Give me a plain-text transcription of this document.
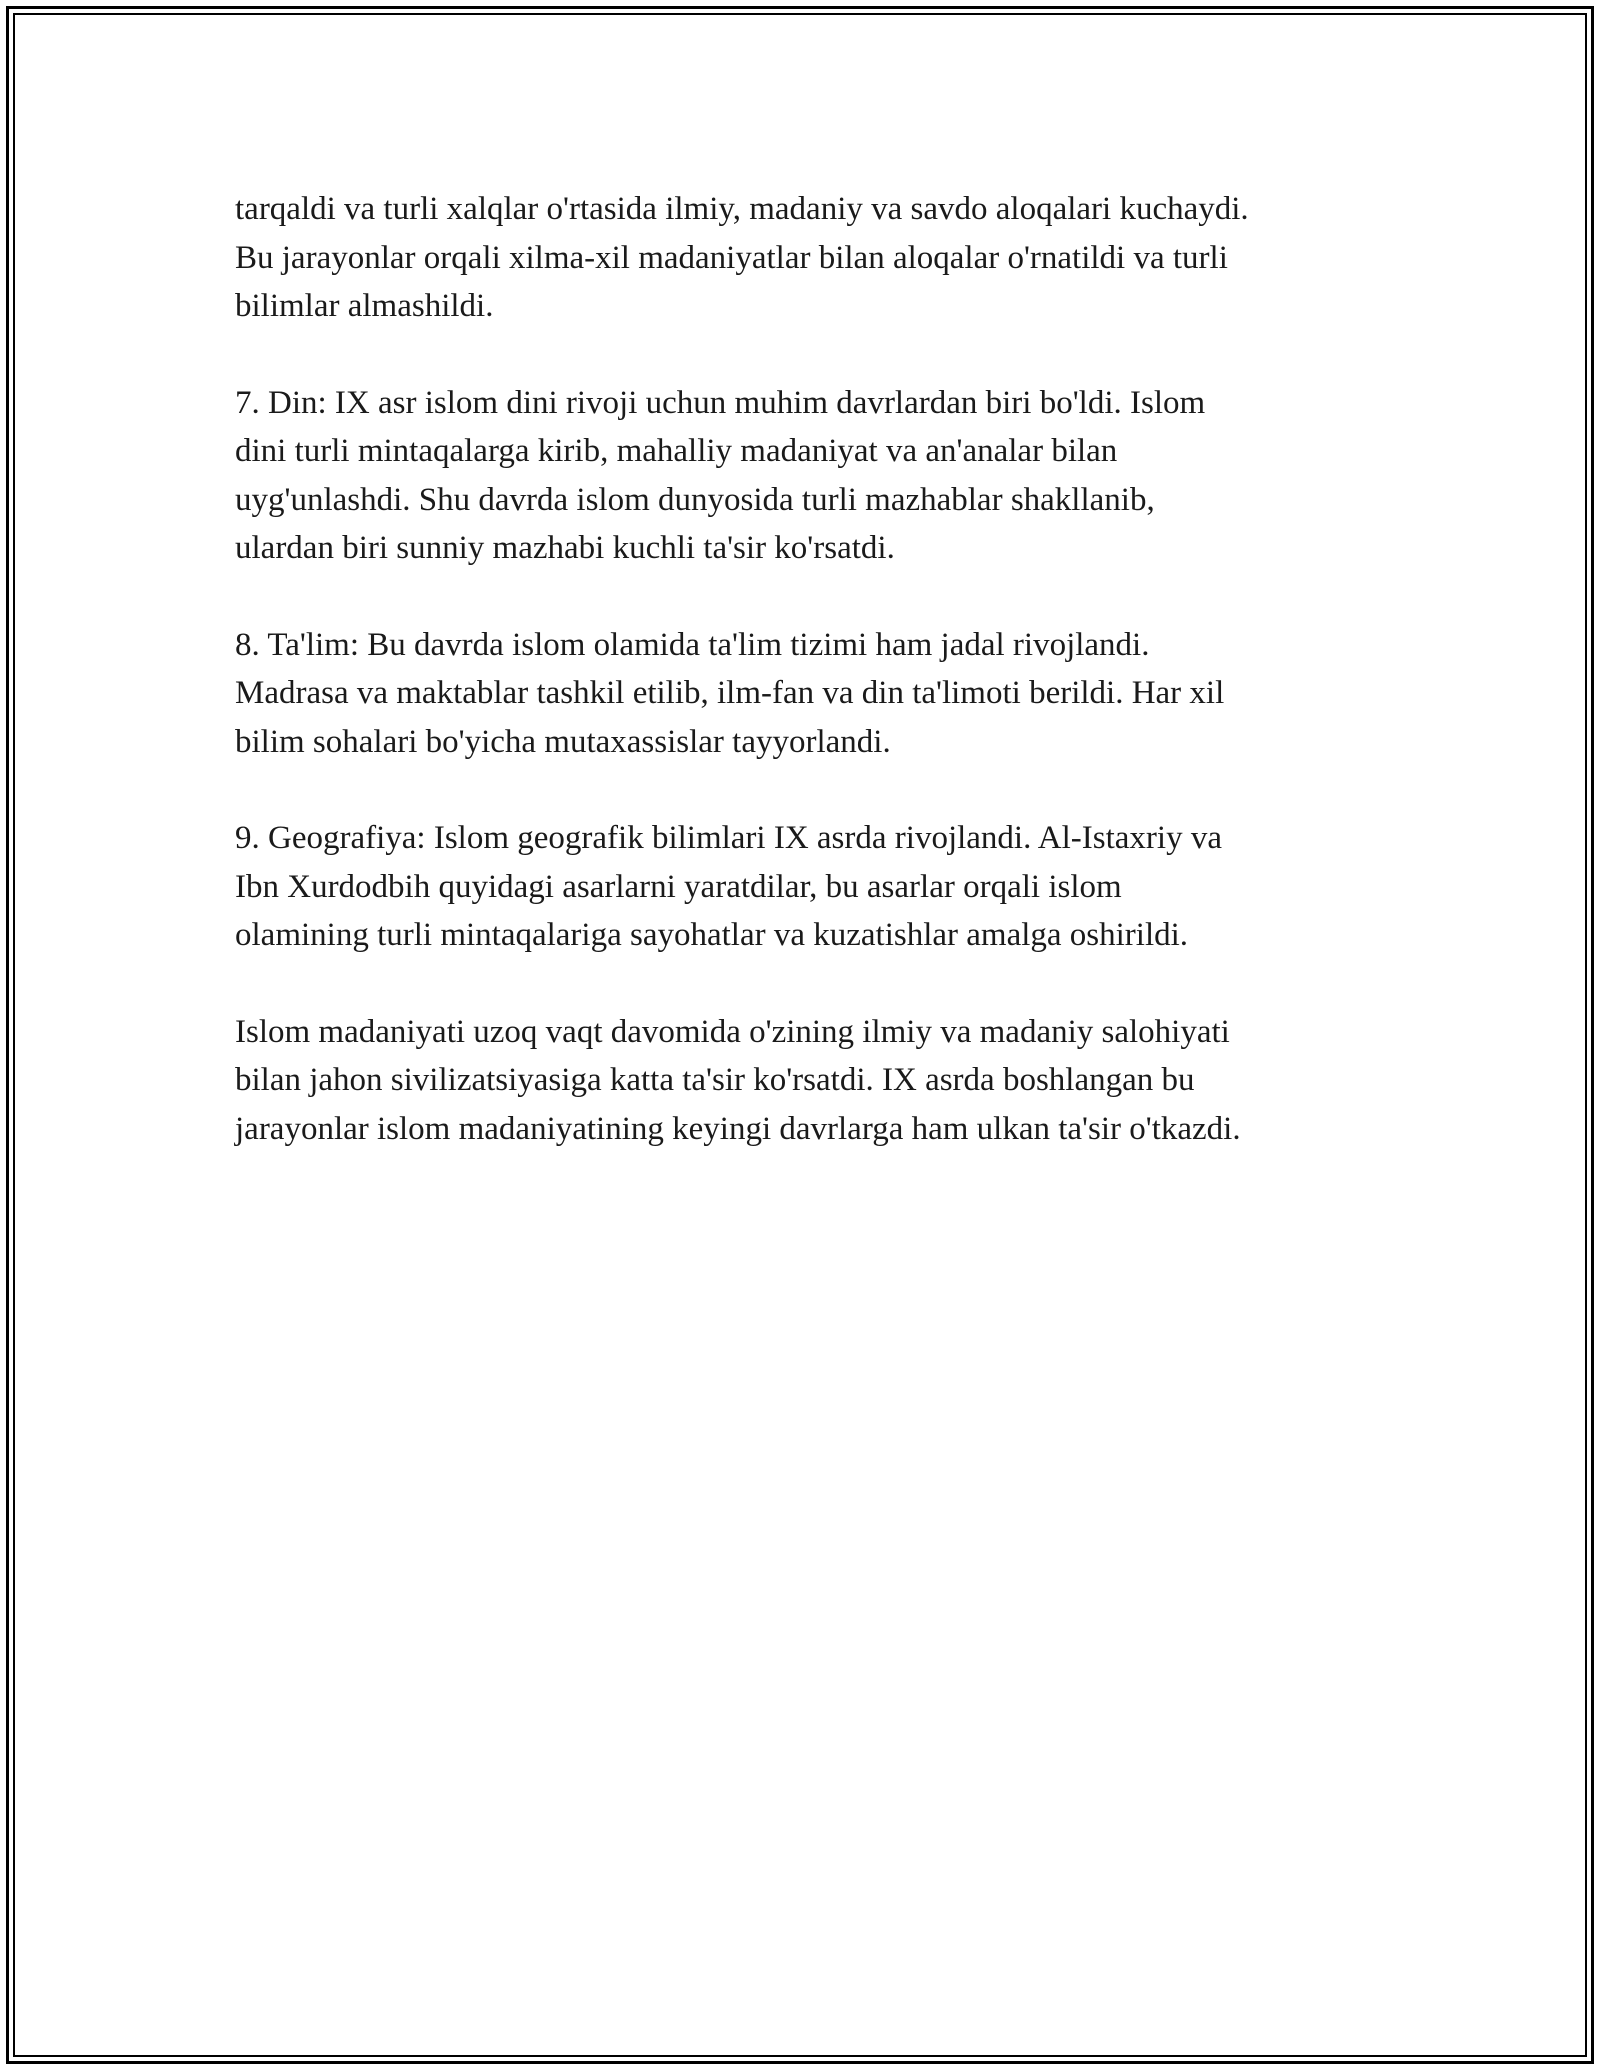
tarqaldi va turli xalqlar o'rtasida ilmiy, madaniy va savdo aloqalari kuchaydi.
Bu jarayonlar orqali xilma-xil madaniyatlar bilan aloqalar o'rnatildi va turli
bilimlar almashildi.

7. Din: IX asr islom dini rivoji uchun muhim davrlardan biri bo'ldi. Islom
dini turli mintaqalarga kirib, mahalliy madaniyat va an'analar bilan
uyg'unlashdi. Shu davrda islom dunyosida turli mazhablar shakllanib,
ulardan biri sunniy mazhabi kuchli ta'sir ko'rsatdi.

8. Ta'lim: Bu davrda islom olamida ta'lim tizimi ham jadal rivojlandi.
Madrasa va maktablar tashkil etilib, ilm-fan va din ta'limoti berildi. Har xil
bilim sohalari bo'yicha mutaxassislar tayyorlandi.

9. Geografiya: Islom geografik bilimlari IX asrda rivojlandi. Al-Istaxriy va
Ibn Xurdodbih quyidagi asarlarni yaratdilar, bu asarlar orqali islom
olamining turli mintaqalariga sayohatlar va kuzatishlar amalga oshirildi.

Islom madaniyati uzoq vaqt davomida o'zining ilmiy va madaniy salohiyati
bilan jahon sivilizatsiyasiga katta ta'sir ko'rsatdi. IX asrda boshlangan bu
jarayonlar islom madaniyatining keyingi davrlarga ham ulkan ta'sir o'tkazdi.
